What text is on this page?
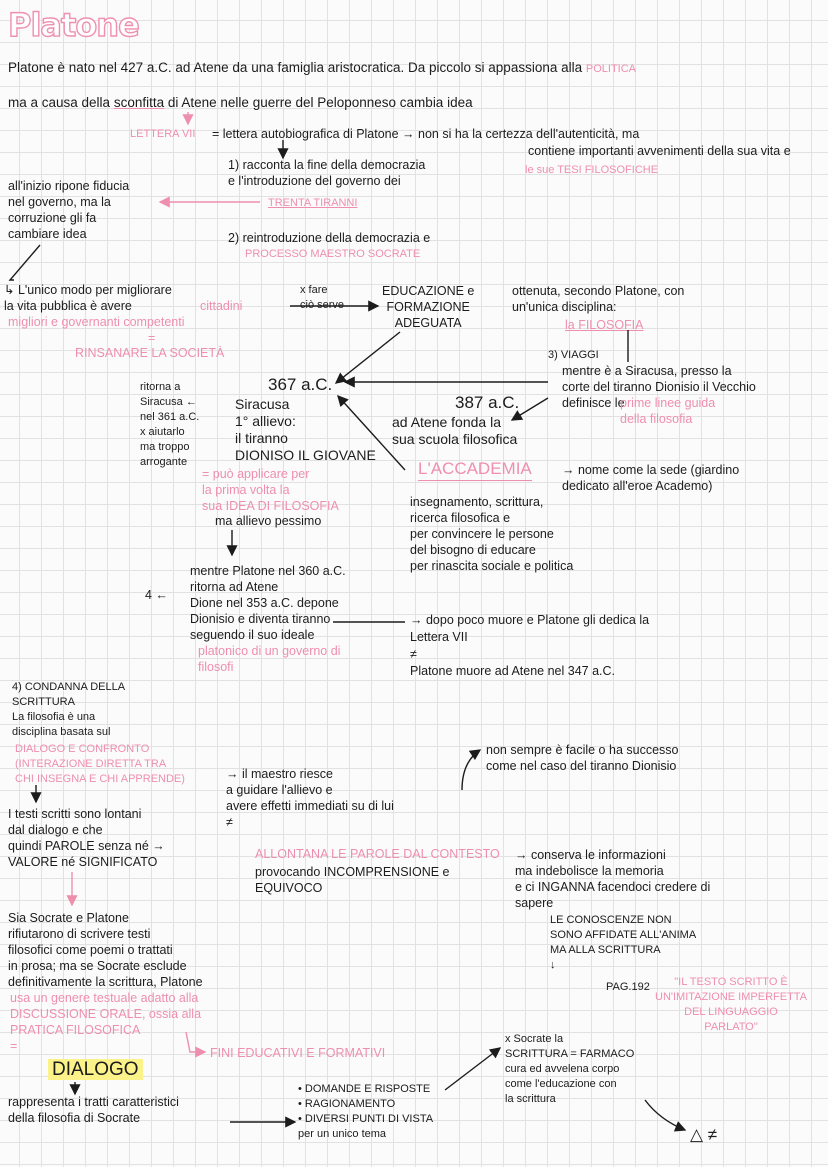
Platone
Platone è nato nel 427 a.C. ad Atene da una famiglia aristocratica. Da piccolo si appassiona alla POLITICA
ma a causa della sconfitta di Atene nelle guerre del Peloponneso cambia idea
LETTERA VII = lettera autobiografica di Platone → non si ha la certezza dell'autenticità, ma
contiene importanti avvenimenti della sua vita e
le sue TESI FILOSOFICHE
1) racconta la fine della democrazia
e l'introduzione del governo dei
TRENTA TIRANNI
all'inizio ripone fiducia
nel governo, ma la
corruzione gli fa
cambiare idea	2) reintroduzione della democrazia e
PROCESSO MAESTRO SOCRATE
↳ L'unico modo per migliorare
la vita pubblica è avere	cittadini
migliori e governanti competenti
=
RINSANARE LA SOCIETÀ
x fare
ciò serve
EDUCAZIONE e
FORMAZIONE
ADEGUATA
ottenuta, secondo Platone, con
un'unica disciplina:
la FILOSOFIA
3) VIAGGI
mentre è a Siracusa, presso la
corte del tiranno Dionisio il Vecchio
definisce le
prime linee guida
della filosofia
367 a.C.
Siracusa
1° allievo:
il tiranno
DIONISO IL GIOVANE
ritorna a
Siracusa ←
nel 361 a.C.
x aiutarlo
ma troppo
arrogante
= può applicare per
la prima volta la
sua IDEA DI FILOSOFIA
ma allievo pessimo
387 a.C.
ad Atene fonda la
sua scuola filosofica
L'ACCADEMIA → nome come la sede (giardino
dedicato all'eroe Academo)
insegnamento, scrittura,
ricerca filosofica e
per convincere le persone
del bisogno di educare
per rinascita sociale e politica
mentre Platone nel 360 a.C.
ritorna ad Atene
Dione nel 353 a.C. depone
Dionisio e diventa tiranno
seguendo il suo ideale
platonico di un governo di
filosofi
4 ←
→ dopo poco muore e Platone gli dedica la
Lettera VII
≠
Platone muore ad Atene nel 347 a.C.
4) CONDANNA DELLA
SCRITTURA
La filosofia è una
disciplina basata sul
DIALOGO E CONFRONTO
(INTERAZIONE DIRETTA TRA
CHI INSEGNA E CHI APPRENDE)	→ il maestro riesce
a guidare l'allievo e
avere effetti immediati su di lui
≠
non sempre è facile o ha successo
come nel caso del tiranno Dionisio
I testi scritti sono lontani
dal dialogo e che
quindi PAROLE senza né →
VALORE né SIGNIFICATO
ALLONTANA LE PAROLE DAL CONTESTO
provocando INCOMPRENSIONE e
EQUIVOCO
→ conserva le informazioni
ma indebolisce la memoria
e ci INGANNA facendoci credere di
sapere
LE CONOSCENZE NON
SONO AFFIDATE ALL'ANIMA
MA ALLA SCRITTURA
↓
PAG.192	"IL TESTO SCRITTO È
UN'IMITAZIONE IMPERFETTA
DEL LINGUAGGIO
PARLATO"
Sia Socrate e Platone
rifiutarono di scrivere testi
filosofici come poemi o trattati
in prosa; ma se Socrate esclude
definitivamente la scrittura, Platone
usa un genere testuale adatto alla
DISCUSSIONE ORALE, ossia alla
PRATICA FILOSOFICA
=	FINI EDUCATIVI E FORMATIVI
DIALOGO
rappresenta i tratti caratteristici
della filosofia di Socrate
• DOMANDE E RISPOSTE
• RAGIONAMENTO
• DIVERSI PUNTI DI VISTA
per un unico tema
x Socrate la
SCRITTURA = FARMACO
cura ed avvelena corpo
come l'educazione con
la scrittura
△ ≠
